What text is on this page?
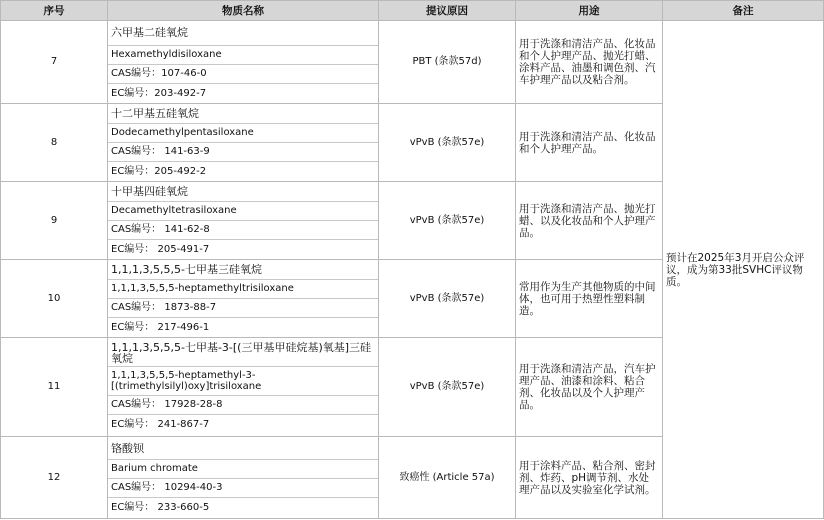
序号	物质名称	提议原因	用途	备注
7	六甲基二硅氧烷
Hexamethyldisiloxane
CAS编号：107-46-0
EC编号：203-492-7	PBT (条款57d)	用于洗涤和清洁产品、化妆品和个人护理产品、抛光打蜡、涂料产品、油墨和调色剂、汽车护理产品以及粘合剂。	预计在2025年3月开启公众评议，成为第33批SVHC评议物质。
8	十二甲基五硅氧烷
Dodecamethylpentasiloxane
CAS编号： 141-63-9
EC编号：205-492-2	vPvB (条款57e)	用于洗涤和清洁产品、化妆品和个人护理产品。	

9	十甲基四硅氧烷
Decamethyltetrasiloxane
CAS编号： 141-62-8
EC编号： 205-491-7	vPvB (条款57e)	用于洗涤和清洁产品、抛光打蜡、以及化妆品和个人护理产品。	

10	1,1,1,3,5,5,5-七甲基三硅氧烷
1,1,1,3,5,5,5-heptamethyltrisiloxane
CAS编号： 1873-88-7
EC编号： 217-496-1	vPvB (条款57e)	常用作为生产其他物质的中间体，也可用于热塑性塑料制造。	

11	1,1,1,3,5,5,5-七甲基-3-[(三甲基甲硅烷基)氧基]三硅氧烷
1,1,1,3,5,5,5-heptamethyl-3-[(trimethylsilyl)oxy]trisiloxane
CAS编号： 17928-28-8
EC编号： 241-867-7	vPvB (条款57e)	用于洗涤和清洁产品，汽车护理产品、油漆和涂料、粘合剂、化妆品以及个人护理产品。	

12	铬酸钡
Barium chromate
CAS编号： 10294-40-3
EC编号： 233-660-5	致癌性 (Article 57a)	用于涂料产品、粘合剂、密封剂、炸药、pH调节剂、水处理产品以及实验室化学试剂。	
